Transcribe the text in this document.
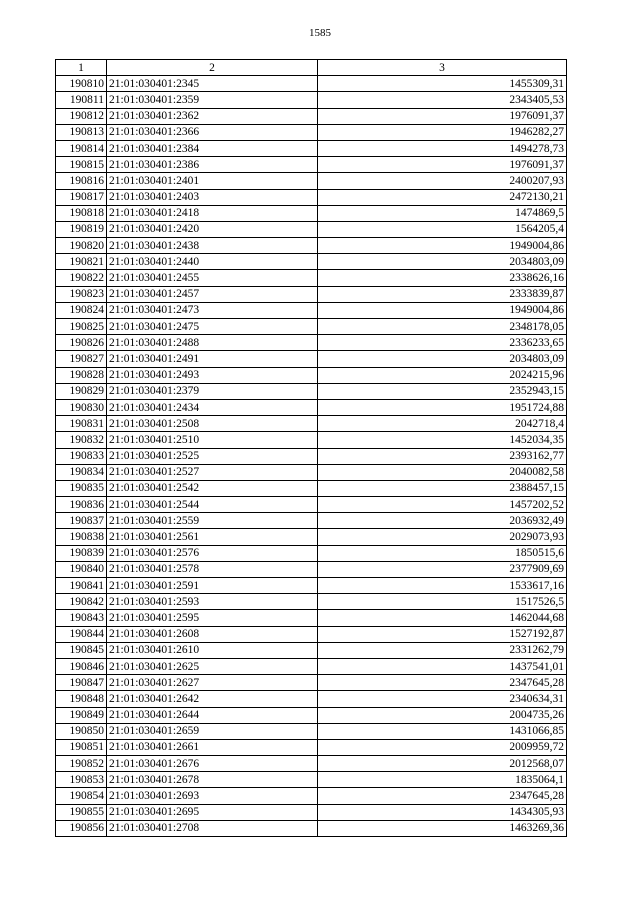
1585
1	2	3
190810	21:01:030401:2345	1455309,31
190811	21:01:030401:2359	2343405,53
190812	21:01:030401:2362	1976091,37
190813	21:01:030401:2366	1946282,27
190814	21:01:030401:2384	1494278,73
190815	21:01:030401:2386	1976091,37
190816	21:01:030401:2401	2400207,93
190817	21:01:030401:2403	2472130,21
190818	21:01:030401:2418	1474869,5
190819	21:01:030401:2420	1564205,4
190820	21:01:030401:2438	1949004,86
190821	21:01:030401:2440	2034803,09
190822	21:01:030401:2455	2338626,16
190823	21:01:030401:2457	2333839,87
190824	21:01:030401:2473	1949004,86
190825	21:01:030401:2475	2348178,05
190826	21:01:030401:2488	2336233,65
190827	21:01:030401:2491	2034803,09
190828	21:01:030401:2493	2024215,96
190829	21:01:030401:2379	2352943,15
190830	21:01:030401:2434	1951724,88
190831	21:01:030401:2508	2042718,4
190832	21:01:030401:2510	1452034,35
190833	21:01:030401:2525	2393162,77
190834	21:01:030401:2527	2040082,58
190835	21:01:030401:2542	2388457,15
190836	21:01:030401:2544	1457202,52
190837	21:01:030401:2559	2036932,49
190838	21:01:030401:2561	2029073,93
190839	21:01:030401:2576	1850515,6
190840	21:01:030401:2578	2377909,69
190841	21:01:030401:2591	1533617,16
190842	21:01:030401:2593	1517526,5
190843	21:01:030401:2595	1462044,68
190844	21:01:030401:2608	1527192,87
190845	21:01:030401:2610	2331262,79
190846	21:01:030401:2625	1437541,01
190847	21:01:030401:2627	2347645,28
190848	21:01:030401:2642	2340634,31
190849	21:01:030401:2644	2004735,26
190850	21:01:030401:2659	1431066,85
190851	21:01:030401:2661	2009959,72
190852	21:01:030401:2676	2012568,07
190853	21:01:030401:2678	1835064,1
190854	21:01:030401:2693	2347645,28
190855	21:01:030401:2695	1434305,93
190856	21:01:030401:2708	1463269,36
